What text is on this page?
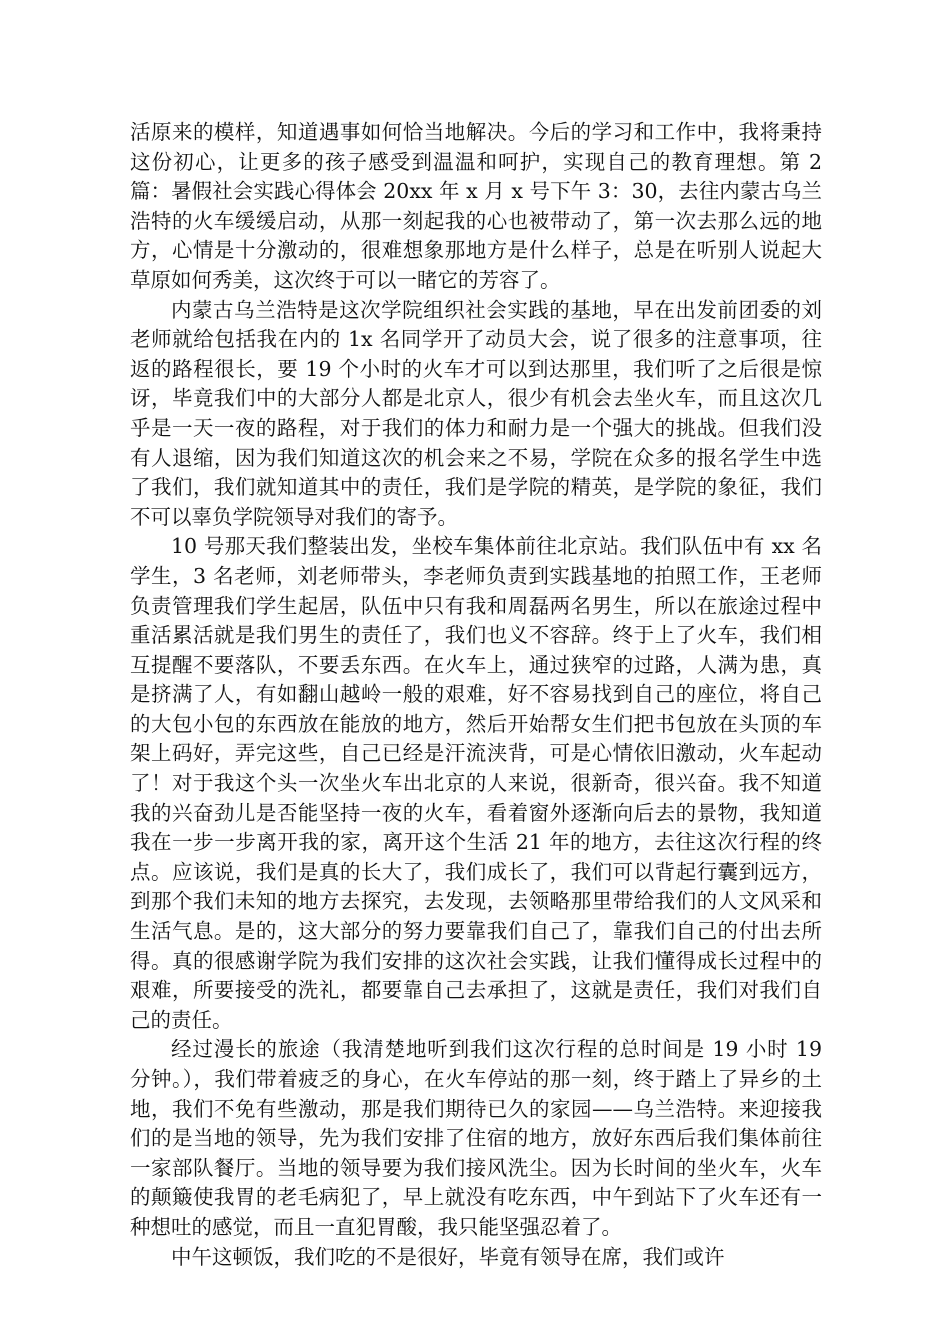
活原来的模样，知道遇事如何恰当地解决。今后的学习和工作中，我将秉持这份初心，让更多的孩子感受到温温和呵护，实现自己的教育理想。第 2 篇：暑假社会实践心得体会 20xx 年 x 月 x 号下午 3：30，去往内蒙古乌兰浩特的火车缓缓启动，从那一刻起我的心也被带动了，第一次去那么远的地方，心情是十分激动的，很难想象那地方是什么样子，总是在听别人说起大草原如何秀美，这次终于可以一睹它的芳容了。

内蒙古乌兰浩特是这次学院组织社会实践的基地，早在出发前团委的刘老师就给包括我在内的 1x 名同学开了动员大会，说了很多的注意事项，往返的路程很长，要 19 个小时的火车才可以到达那里，我们听了之后很是惊讶，毕竟我们中的大部分人都是北京人，很少有机会去坐火车，而且这次几乎是一天一夜的路程，对于我们的体力和耐力是一个强大的挑战。但我们没有人退缩，因为我们知道这次的机会来之不易，学院在众多的报名学生中选了我们，我们就知道其中的责任，我们是学院的精英，是学院的象征，我们不可以辜负学院领导对我们的寄予。

10 号那天我们整装出发，坐校车集体前往北京站。我们队伍中有 xx 名学生，3 名老师，刘老师带头，李老师负责到实践基地的拍照工作，王老师负责管理我们学生起居，队伍中只有我和周磊两名男生，所以在旅途过程中重活累活就是我们男生的责任了，我们也义不容辞。终于上了火车，我们相互提醒不要落队，不要丢东西。在火车上，通过狭窄的过路，人满为患，真是挤满了人，有如翻山越岭一般的艰难，好不容易找到自己的座位，将自己的大包小包的东西放在能放的地方，然后开始帮女生们把书包放在头顶的车架上码好，弄完这些，自己已经是汗流浃背，可是心情依旧激动，火车起动了！对于我这个头一次坐火车出北京的人来说，很新奇，很兴奋。我不知道我的兴奋劲儿是否能坚持一夜的火车，看着窗外逐渐向后去的景物，我知道我在一步一步离开我的家，离开这个生活 21 年的地方，去往这次行程的终点。应该说，我们是真的长大了，我们成长了，我们可以背起行囊到远方，到那个我们未知的地方去探究，去发现，去领略那里带给我们的人文风采和生活气息。是的，这大部分的努力要靠我们自己了，靠我们自己的付出去所得。真的很感谢学院为我们安排的这次社会实践，让我们懂得成长过程中的艰难，所要接受的洗礼，都要靠自己去承担了，这就是责任，我们对我们自己的责任。

经过漫长的旅途（我清楚地听到我们这次行程的总时间是 19 小时 19 分钟。），我们带着疲乏的身心，在火车停站的那一刻，终于踏上了异乡的土地，我们不免有些激动，那是我们期待已久的家园——乌兰浩特。来迎接我们的是当地的领导，先为我们安排了住宿的地方，放好东西后我们集体前往一家部队餐厅。当地的领导要为我们接风洗尘。因为长时间的坐火车，火车的颠簸使我胃的老毛病犯了，早上就没有吃东西，中午到站下了火车还有一种想吐的感觉，而且一直犯胃酸，我只能坚强忍着了。

中午这顿饭，我们吃的不是很好，毕竟有领导在席，我们或许
